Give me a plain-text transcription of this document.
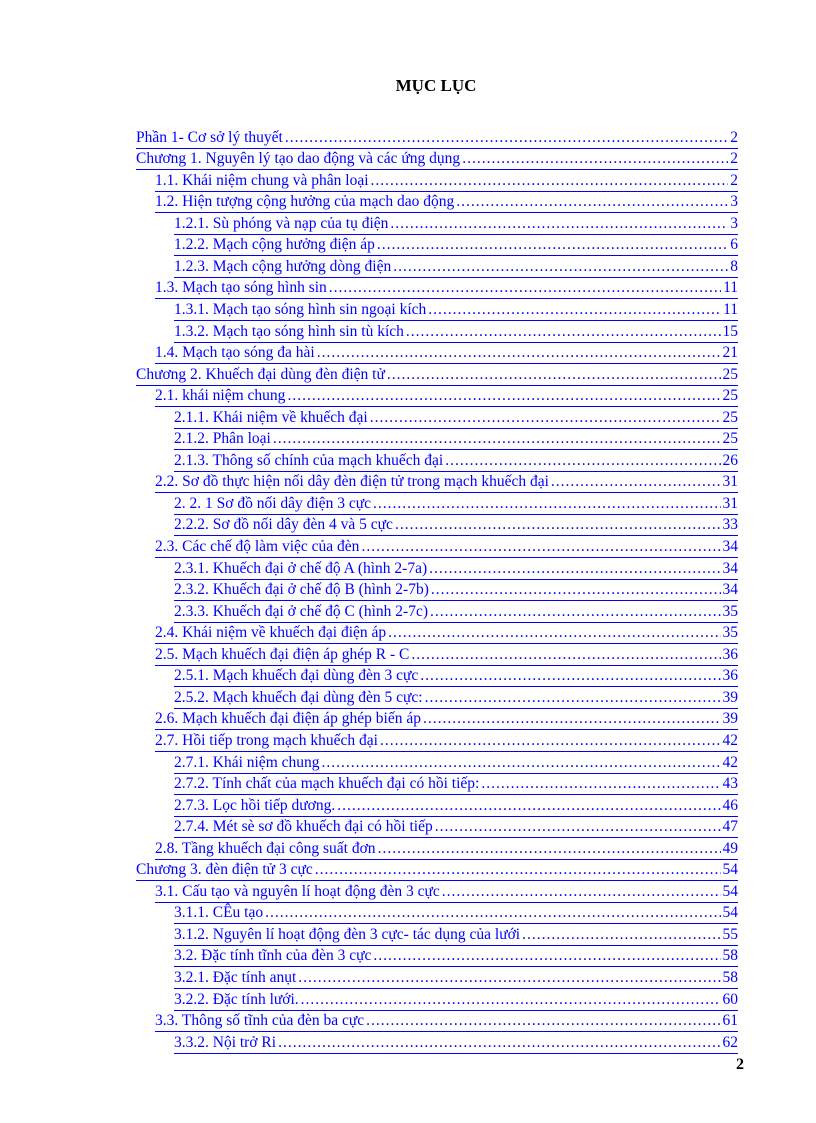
MỤC LỤC
Phần 1- Cơ sở lý thuyết .....	2
Chương 1. Nguyên lý tạo dao động và các ứng dụng .....	2
1.1. Khái niệm chung và phân loại .....	2
1.2. Hiện tượng cộng hưởng của mạch dao động .....	3
1.2.1. Sù phóng và nạp của tụ điện .....	3
1.2.2. Mạch cộng hưởng điện áp .....	6
1.2.3. Mạch cộng hưởng dòng điện .....	8
1.3. Mạch tạo sóng hình sin .....	11
1.3.1. Mạch tạo sóng hình sin ngoại kích .....	11
1.3.2. Mạch tạo sóng hình sin tù kích .....	15
1.4. Mạch tạo sóng đa hài .....	21
Chương 2. Khuếch đại dùng đèn điện tử .....	25
2.1. khái niệm chung .....	25
2.1.1. Khái niệm về khuếch đại .....	25
2.1.2. Phân loại .....	25
2.1.3. Thông số chính của mạch khuếch đại .....	26
2.2. Sơ đồ thực hiện nối dây đèn điện tử trong mạch khuếch đại .....	31
2. 2. 1 Sơ đồ nối dây điện 3 cực .....	31
2.2.2. Sơ đồ nối dây đèn 4 và 5 cực .....	33
2.3. Các chế độ làm việc của đèn .....	34
2.3.1. Khuếch đại ở chế độ A (hình 2-7a) .....	34
2.3.2. Khuếch đại ở chế độ B (hình 2-7b) .....	34
2.3.3. Khuếch đại ở chế độ C (hình 2-7c) .....	35
2.4. Khái niệm về khuếch đại điện áp .....	35
2.5. Mạch khuếch đại điện áp ghép R - C .....	36
2.5.1. Mạch khuếch đại dùng đèn 3 cực .....	36
2.5.2. Mạch khuếch đại dùng đèn 5 cực: .....	39
2.6. Mạch khuếch đại điện áp ghép biến áp .....	39
2.7. Hồi tiếp trong mạch khuếch đại .....	42
2.7.1. Khái niệm chung .....	42
2.7.2. Tính chất của mạch khuếch đại có hồi tiếp: .....	43
2.7.3. Lọc hồi tiếp dương. .....	46
2.7.4. Mét sè sơ đồ khuếch đại có hồi tiếp .....	47
2.8. Tầng khuếch đại công suất đơn .....	49
Chương 3. đèn điện tử 3 cực .....	54
3.1. Cấu tạo và nguyên lí hoạt động đèn 3 cực .....	54
3.1.1. CÊu tạo .....	54
3.1.2. Nguyên lí hoạt động đèn 3 cực- tác dụng của lưới .....	55
3.2. Đặc tính tĩnh của đèn 3 cực .....	58
3.2.1. Đặc tính anụt .....	58
3.2.2. Đặc tính lưới. .....	60
3.3. Thông số tĩnh của đèn ba cực .....	61
3.3.2. Nội trở Ri .....	62
2
